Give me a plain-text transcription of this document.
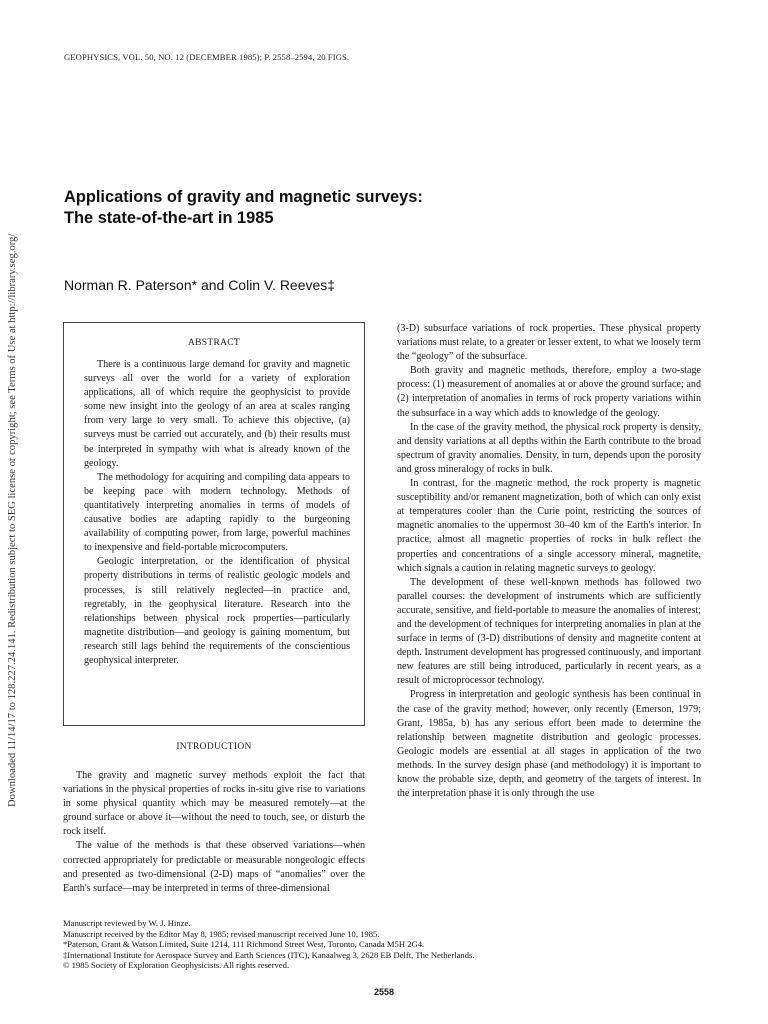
Downloaded 11/14/17 to 128.227.24.141. Redistribution subject to SEG license or copyright; see Terms of Use at http://library.seg.org/
GEOPHYSICS, VOL. 50, NO. 12 (DECEMBER 1985); P. 2558–2594, 20 FIGS.
Applications of gravity and magnetic surveys:
The state-of-the-art in 1985
Norman R. Paterson* and Colin V. Reeves‡
ABSTRACT

There is a continuous large demand for gravity and magnetic surveys all over the world for a variety of exploration applications, all of which require the geophysicist to provide some new insight into the geology of an area at scales ranging from very large to very small. To achieve this objective, (a) surveys must be carried out accurately, and (b) their results must be interpreted in sympathy with what is already known of the geology.

The methodology for acquiring and compiling data appears to be keeping pace with modern technology. Methods of quantitatively interpreting anomalies in terms of models of causative bodies are adapting rapidly to the burgeoning availability of computing power, from large, powerful machines to inexpensive and field-portable microcomputers.

Geologic interpretation, or the identification of physical property distributions in terms of realistic geologic models and processes, is still relatively neglected—in practice and, regretably, in the geophysical literature. Research into the relationships between physical rock properties—particularly magnetite distribution—and geology is gaining momentum, but research still lags behind the requirements of the conscientious geophysical interpreter.

INTRODUCTION

The gravity and magnetic survey methods exploit the fact that variations in the physical properties of rocks in-situ give rise to variations in some physical quantity which may be measured remotely—at the ground surface or above it—without the need to touch, see, or disturb the rock itself.

The value of the methods is that these observed variations—when corrected appropriately for predictable or measurable nongeologic effects and presented as two-dimensional (2-D) maps of “anomalies” over the Earth's surface—may be interpreted in terms of three-dimensional

(3-D) subsurface variations of rock properties. These physical property variations must relate, to a greater or lesser extent, to what we loosely term the “geology” of the subsurface.

Both gravity and magnetic methods, therefore, employ a two-stage process: (1) measurement of anomalies at or above the ground surface; and (2) interpretation of anomalies in terms of rock property variations within the subsurface in a way which adds to knowledge of the geology.

In the case of the gravity method, the physical rock property is density, and density variations at all depths within the Earth contribute to the broad spectrum of gravity anomalies. Density, in turn, depends upon the porosity and gross mineralogy of rocks in bulk.

In contrast, for the magnetic method, the rock property is magnetic susceptibility and/or remanent magnetization, both of which can only exist at temperatures cooler than the Curie point, restricting the sources of magnetic anomalies to the uppermost 30–40 km of the Earth's interior. In practice, almost all magnetic properties of rocks in bulk reflect the properties and concentrations of a single accessory mineral, magnetite, which signals a caution in relating magnetic surveys to geology.

The development of these well-known methods has followed two parallel courses: the development of instruments which are sufficiently accurate, sensitive, and field-portable to measure the anomalies of interest; and the development of techniques for interpreting anomalies in plan at the surface in terms of (3-D) distributions of density and magnetite content at depth. Instrument development has progressed continuously, and important new features are still being introduced, particularly in recent years, as a result of microprocessor technology.

Progress in interpretation and geologic synthesis has been continual in the case of the gravity method; however, only recently (Emerson, 1979; Grant, 1985a, b) has any serious effort been made to determine the relationship between magnetite distribution and geologic processes. Geologic models are essential at all stages in application of the two methods. In the survey design phase (and methodology) it is important to know the probable size, depth, and geometry of the targets of interest. In the interpretation phase it is only through the use

Manuscript reviewed by W. J. Hinze.
Manuscript received by the Editor May 8, 1985; revised manuscript received June 10, 1985.
*Paterson, Grant & Watson Limited, Suite 1214, 111 Richmond Street West, Toronto, Canada M5H 2G4.
‡International Institute for Aerospace Survey and Earth Sciences (ITC), Kanaalweg 3, 2628 EB Delft, The Netherlands.
© 1985 Society of Exploration Geophysicists. All rights reserved.
2558
